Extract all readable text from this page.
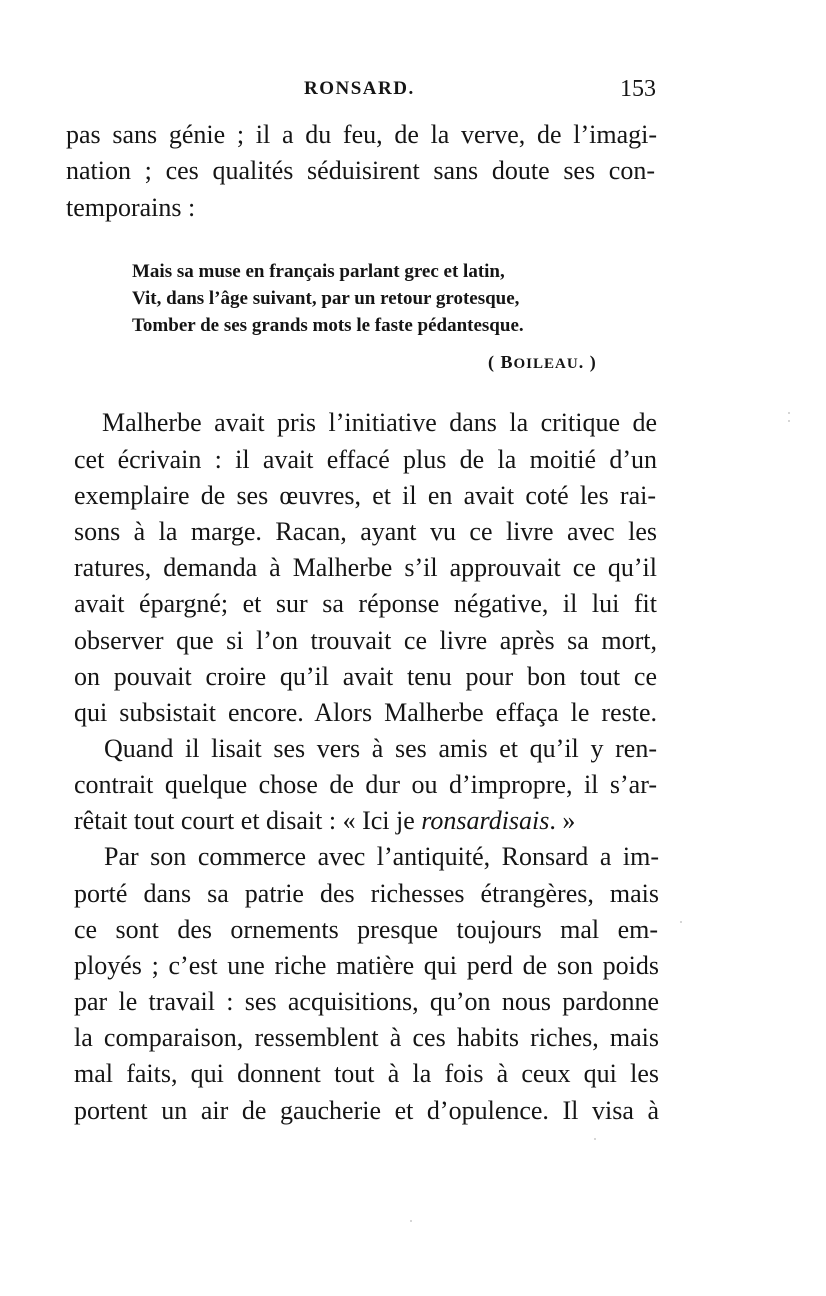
RONSARD.	153
pas sans génie ; il a du feu, de la verve, de l’imagi-
nation ; ces qualités séduisirent sans doute ses con-
temporains :
Mais sa muse en français parlant grec et latin,
Vit, dans l’âge suivant, par un retour grotesque,
Tomber de ses grands mots le faste pédantesque.
( BOILEAU. )
Malherbe avait pris l’initiative dans la critique de
cet écrivain : il avait effacé plus de la moitié d’un
exemplaire de ses œuvres, et il en avait coté les rai-
sons à la marge. Racan, ayant vu ce livre avec les
ratures, demanda à Malherbe s’il approuvait ce qu’il
avait épargné; et sur sa réponse négative, il lui fit
observer que si l’on trouvait ce livre après sa mort,
on pouvait croire qu’il avait tenu pour bon tout ce
qui subsistait encore. Alors Malherbe effaça le reste.
Quand il lisait ses vers à ses amis et qu’il y ren-
contrait quelque chose de dur ou d’impropre, il s’ar-
rêtait tout court et disait : « Ici je ronsardisais. »
Par son commerce avec l’antiquité, Ronsard a im-
porté dans sa patrie des richesses étrangères, mais
ce sont des ornements presque toujours mal em-
ployés ; c’est une riche matière qui perd de son poids
par le travail : ses acquisitions, qu’on nous pardonne
la comparaison, ressemblent à ces habits riches, mais
mal faits, qui donnent tout à la fois à ceux qui les
portent un air de gaucherie et d’opulence. Il visa à
